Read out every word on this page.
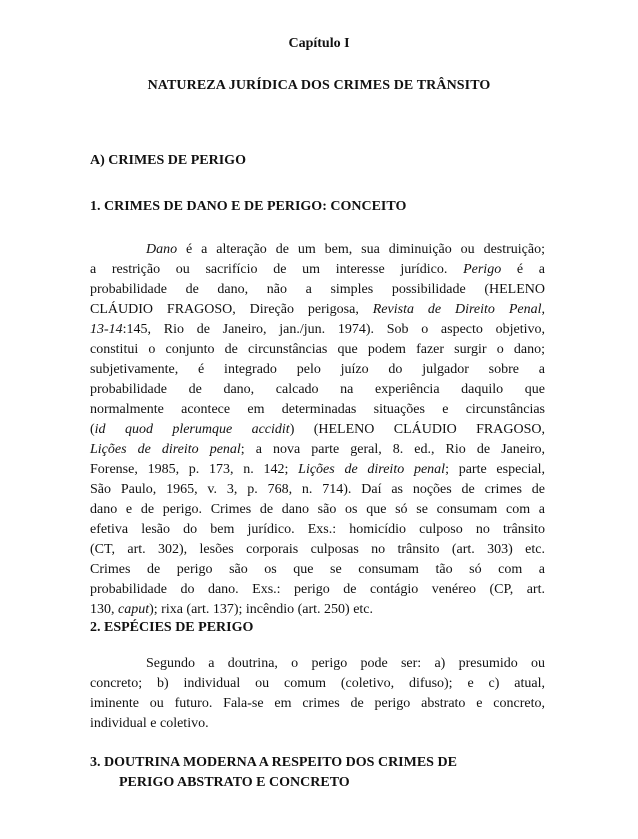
Capítulo I
NATUREZA JURÍDICA DOS CRIMES DE TRÂNSITO
A) CRIMES DE PERIGO
1. CRIMES DE DANO E DE PERIGO: CONCEITO
Dano é a alteração de um bem, sua diminuição ou destruição;
a restrição ou sacrifício de um interesse jurídico. Perigo é a
probabilidade de dano, não a simples possibilidade (HELENO
CLÁUDIO FRAGOSO, Direção perigosa, Revista de Direito Penal,
13-14:145, Rio de Janeiro, jan./jun. 1974). Sob o aspecto objetivo,
constitui o conjunto de circunstâncias que podem fazer surgir o dano;
subjetivamente, é integrado pelo juízo do julgador sobre a
probabilidade de dano, calcado na experiência daquilo que
normalmente acontece em determinadas situações e circunstâncias
(id quod plerumque accidit) (HELENO CLÁUDIO FRAGOSO,
Lições de direito penal; a nova parte geral, 8. ed., Rio de Janeiro,
Forense, 1985, p. 173, n. 142; Lições de direito penal; parte especial,
São Paulo, 1965, v. 3, p. 768, n. 714). Daí as noções de crimes de
dano e de perigo. Crimes de dano são os que só se consumam com a
efetiva lesão do bem jurídico. Exs.: homicídio culposo no trânsito
(CT, art. 302), lesões corporais culposas no trânsito (art. 303) etc.
Crimes de perigo são os que se consumam tão só com a
probabilidade do dano. Exs.: perigo de contágio venéreo (CP, art.
130, caput); rixa (art. 137); incêndio (art. 250) etc.
2. ESPÉCIES DE PERIGO
Segundo a doutrina, o perigo pode ser: a) presumido ou
concreto; b) individual ou comum (coletivo, difuso); e c) atual,
iminente ou futuro. Fala-se em crimes de perigo abstrato e concreto,
individual e coletivo.
3. DOUTRINA MODERNA A RESPEITO DOS CRIMES DE
PERIGO ABSTRATO E CONCRETO
